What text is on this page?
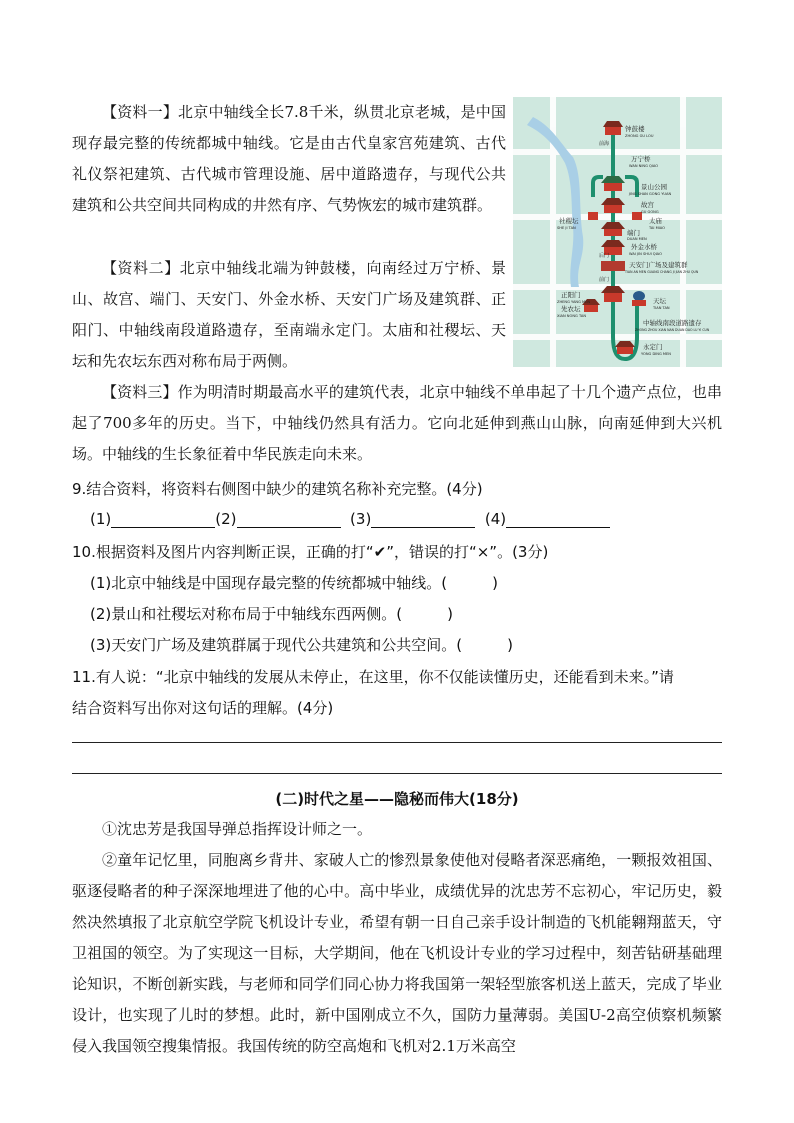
【资料一】北京中轴线全长7.8千米，纵贯北京老城，是中国现存最完整的传统都城中轴线。它是由古代皇家宫苑建筑、古代礼仪祭祀建筑、古代城市管理设施、居中道路遗存，与现代公共建筑和公共空间共同构成的井然有序、气势恢宏的城市建筑群。

【资料二】北京中轴线北端为钟鼓楼，向南经过万宁桥、景山、故宫、端门、天安门、外金水桥、天安门广场及建筑群、正阳门、中轴线南段道路遗存，至南端永定门。太庙和社稷坛、天坛和先农坛东西对称布局于两侧。

【资料三】作为明清时期最高水平的建筑代表，北京中轴线不单串起了十几个遗产点位，也串起了700多年的历史。当下，中轴线仍然具有活力。它向北延伸到燕山山脉，向南延伸到大兴机场。中轴线的生长象征着中华民族走向未来。

钟鼓楼
ZHONG GU LOU
万宁桥
WAN NING QIAO
景山公园
JING SHAN GONG YUAN
故宫
GU GONG
社稷坛
SHE JI TAN
太庙
TAI MIAO
端门
DUAN MEN
外金水桥
WAI JIN SHUI QIAO
天安门广场及建筑群
TIAN AN MEN GUANG CHANG JI JIAN ZHU QUN
正阳门
ZHENG YANG MEN
先农坛
XIAN NONG TAN
天坛
TIAN TAN
中轴线南段道路遗存
ZHONG ZHOU XIAN NAN DUAN DAO LU YI CUN
永定门
YONG DING MEN
前海
后门
前门
9.结合资料，将资料右侧图中缺少的建筑名称补充完整。(4分)
(1)	(2)	(3)	(4)
10.根据资料及图片内容判断正误，正确的打“✔”，错误的打“×”。(3分)
(1)北京中轴线是中国现存最完整的传统都城中轴线。(　　　)
(2)景山和社稷坛对称布局于中轴线东西两侧。(　　　)
(3)天安门广场及建筑群属于现代公共建筑和公共空间。(　　　)
11.有人说：“北京中轴线的发展从未停止，在这里，你不仅能读懂历史，还能看到未来。”请
结合资料写出你对这句话的理解。(4分)
(二)时代之星——隐秘而伟大(18分)

①沈忠芳是我国导弹总指挥设计师之一。

②童年记忆里，同胞离乡背井、家破人亡的惨烈景象使他对侵略者深恶痛绝，一颗报效祖国、驱逐侵略者的种子深深地埋进了他的心中。高中毕业，成绩优异的沈忠芳不忘初心，牢记历史，毅然决然填报了北京航空学院飞机设计专业，希望有朝一日自己亲手设计制造的飞机能翱翔蓝天，守卫祖国的领空。为了实现这一目标，大学期间，他在飞机设计专业的学习过程中，刻苦钻研基础理论知识，不断创新实践，与老师和同学们同心协力将我国第一架轻型旅客机送上蓝天，完成了毕业设计，也实现了儿时的梦想。此时，新中国刚成立不久，国防力量薄弱。美国U-2高空侦察机频繁侵入我国领空搜集情报。我国传统的防空高炮和飞机对2.1万米高空
